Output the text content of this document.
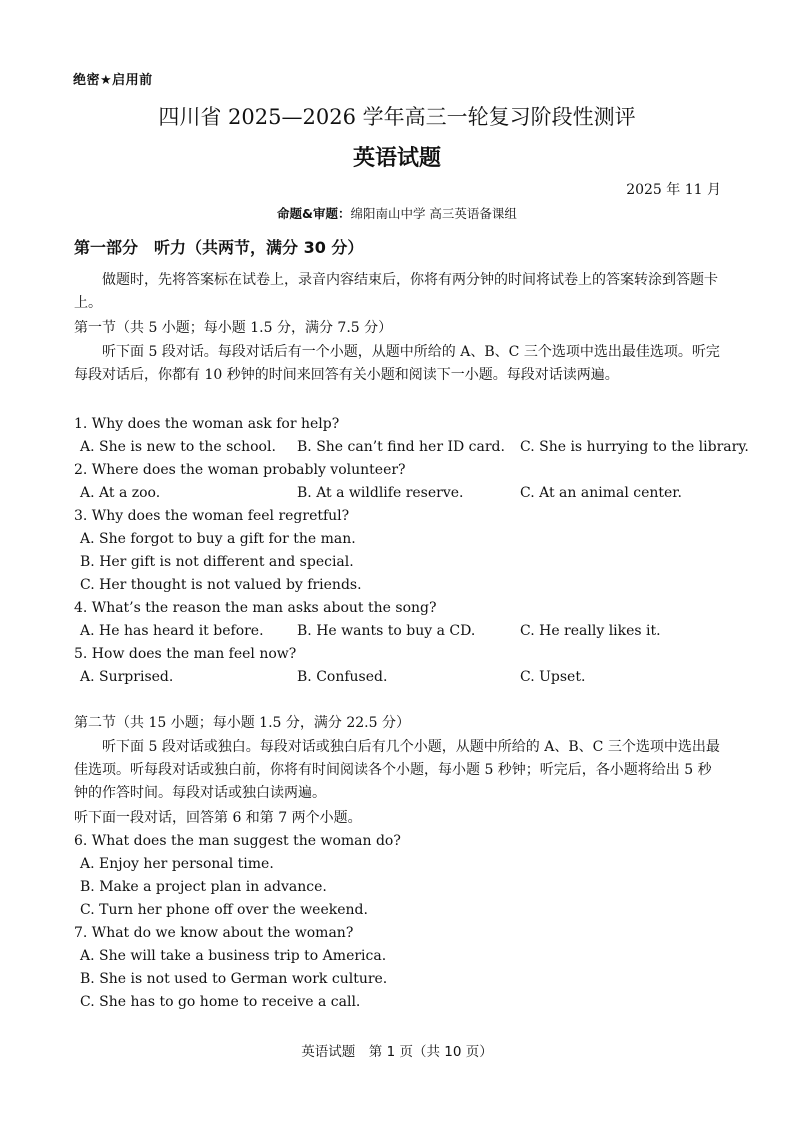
绝密★启用前
四川省 2025—2026 学年高三一轮复习阶段性测评
英语试题
2025 年 11 月
命题&审题：绵阳南山中学 高三英语备课组
第一部分　听力（共两节，满分 30 分）
做题时，先将答案标在试卷上，录音内容结束后，你将有两分钟的时间将试卷上的答案转涂到答题卡上。
第一节（共 5 小题；每小题 1.5 分，满分 7.5 分）
听下面 5 段对话。每段对话后有一个小题，从题中所给的 A、B、C 三个选项中选出最佳选项。听完每段对话后，你都有 10 秒钟的时间来回答有关小题和阅读下一小题。每段对话读两遍。
1. Why does the woman ask for help?
A. She is new to the school. B. She can’t find her ID card. C. She is hurrying to the library.
2. Where does the woman probably volunteer?
A. At a zoo.	B. At a wildlife reserve.	C. At an animal center.
3. Why does the woman feel regretful?
A. She forgot to buy a gift for the man.
B. Her gift is not different and special.
C. Her thought is not valued by friends.
4. What’s the reason the man asks about the song?
A. He has heard it before. B. He wants to buy a CD.	C. He really likes it.
5. How does the man feel now?
A. Surprised.	B. Confused.	C. Upset.
第二节（共 15 小题；每小题 1.5 分，满分 22.5 分）
听下面 5 段对话或独白。每段对话或独白后有几个小题，从题中所给的 A、B、C 三个选项中选出最佳选项。听每段对话或独白前，你将有时间阅读各个小题，每小题 5 秒钟；听完后，各小题将给出 5 秒钟的作答时间。每段对话或独白读两遍。
听下面一段对话，回答第 6 和第 7 两个小题。
6. What does the man suggest the woman do?
A. Enjoy her personal time.
B. Make a project plan in advance.
C. Turn her phone off over the weekend.
7. What do we know about the woman?
A. She will take a business trip to America.
B. She is not used to German work culture.
C. She has to go home to receive a call.
英语试题　第 1 页（共 10 页）
